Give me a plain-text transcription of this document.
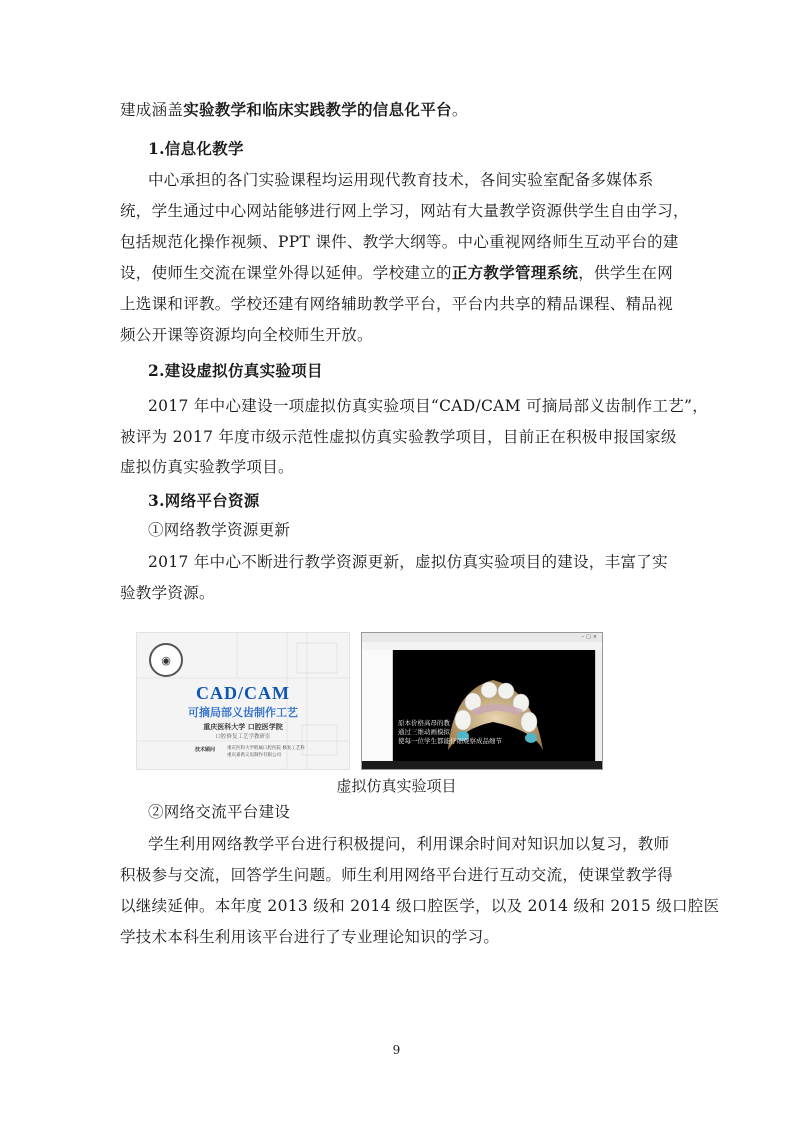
建成涵盖实验教学和临床实践教学的信息化平台。
1.信息化教学
中心承担的各门实验课程均运用现代教育技术，各间实验室配备多媒体系
统，学生通过中心网站能够进行网上学习，网站有大量教学资源供学生自由学习，
包括规范化操作视频、PPT 课件、教学大纲等。中心重视网络师生互动平台的建
设，使师生交流在课堂外得以延伸。学校建立的正方教学管理系统，供学生在网
上选课和评教。学校还建有网络辅助教学平台，平台内共享的精品课程、精品视
频公开课等资源均向全校师生开放。
2.建设虚拟仿真实验项目
2017 年中心建设一项虚拟仿真实验项目“CAD/CAM 可摘局部义齿制作工艺”，
被评为 2017 年度市级示范性虚拟仿真实验教学项目，目前正在积极申报国家级
虚拟仿真实验教学项目。
3.网络平台资源
①网络教学资源更新
2017 年中心不断进行教学资源更新，虚拟仿真实验项目的建设，丰富了实
验教学资源。
◉
CAD/CAM
可摘局部义齿制作工艺
重庆医科大学 口腔医学院
口腔修复工艺学教研室
技术顾问	重庆医科大学附属口腔医院 修复工艺科
重庆嘉禹义齿制作有限公司
–□×
原本价格高昂的教
通过三维动画模拟
使每一位学生都能仔细观察成品细节
虚拟仿真实验项目
②网络交流平台建设
学生利用网络教学平台进行积极提问，利用课余时间对知识加以复习，教师
积极参与交流，回答学生问题。师生利用网络平台进行互动交流，使课堂教学得
以继续延伸。本年度 2013 级和 2014 级口腔医学，以及 2014 级和 2015 级口腔医
学技术本科生利用该平台进行了专业理论知识的学习。
9
